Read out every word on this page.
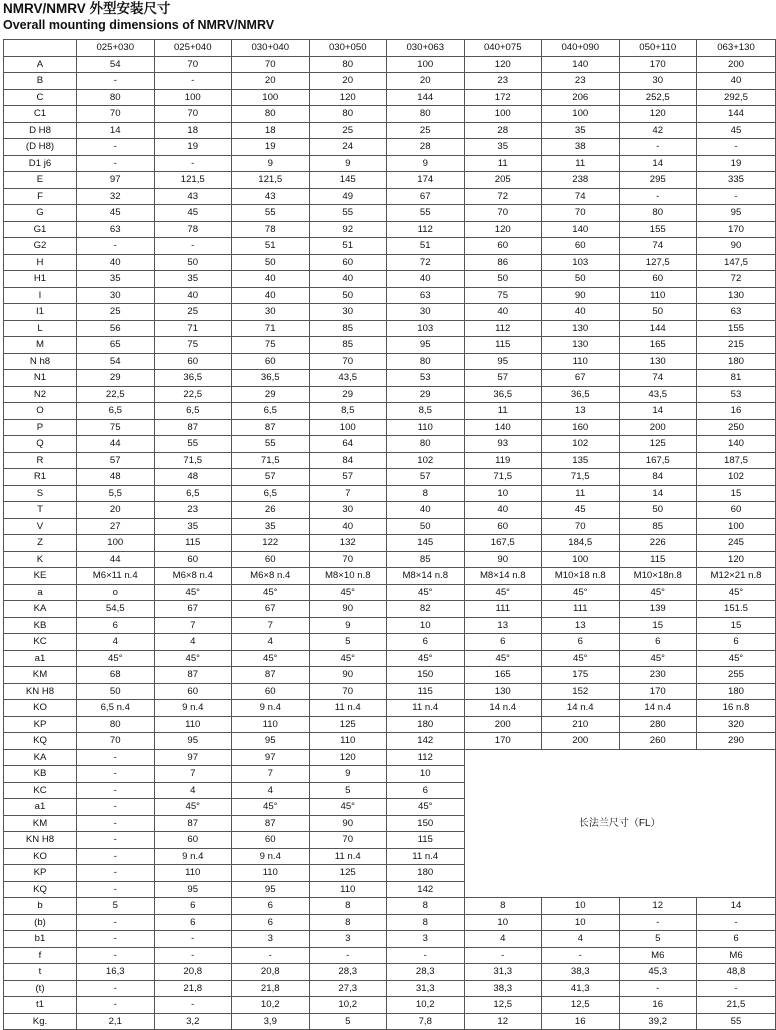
NMRV/NMRV 外型安装尺寸
Overall mounting dimensions of NMRV/NMRV
	025+030	025+040	030+040	030+050	030+063	040+075	040+090	050+110	063+130
A	54	70	70	80	100	120	140	170	200
B	-	-	20	20	20	23	23	30	40
C	80	100	100	120	144	172	206	252,5	292,5
C1	70	70	80	80	80	100	100	120	144
D H8	14	18	18	25	25	28	35	42	45
(D H8)	-	19	19	24	28	35	38	-	-
D1 j6	-	-	9	9	9	11	11	14	19
E	97	121,5	121,5	145	174	205	238	295	335
F	32	43	43	49	67	72	74	-	-
G	45	45	55	55	55	70	70	80	95
G1	63	78	78	92	112	120	140	155	170
G2	-	-	51	51	51	60	60	74	90
H	40	50	50	60	72	86	103	127,5	147,5
H1	35	35	40	40	40	50	50	60	72
I	30	40	40	50	63	75	90	110	130
I1	25	25	30	30	30	40	40	50	63
L	56	71	71	85	103	112	130	144	155
M	65	75	75	85	95	115	130	165	215
N h8	54	60	60	70	80	95	110	130	180
N1	29	36,5	36,5	43,5	53	57	67	74	81
N2	22,5	22,5	29	29	29	36,5	36,5	43,5	53
O	6,5	6,5	6,5	8,5	8,5	11	13	14	16
P	75	87	87	100	110	140	160	200	250
Q	44	55	55	64	80	93	102	125	140
R	57	71,5	71,5	84	102	119	135	167,5	187,5
R1	48	48	57	57	57	71,5	71,5	84	102
S	5,5	6,5	6,5	7	8	10	11	14	15
T	20	23	26	30	40	40	45	50	60
V	27	35	35	40	50	60	70	85	100
Z	100	115	122	132	145	167,5	184,5	226	245
K	44	60	60	70	85	90	100	115	120
KE	M6×11 n.4	M6×8 n.4	M6×8 n.4	M8×10 n.8	M8×14 n.8	M8×14 n.8	M10×18 n.8	M10×18n.8	M12×21 n.8
a	o	45°	45°	45°	45°	45°	45°	45°	45°
KA	54,5	67	67	90	82	111	111	139	151.5
KB	6	7	7	9	10	13	13	15	15
KC	4	4	4	5	6	6	6	6	6
a1	45°	45°	45°	45°	45°	45°	45°	45°	45°
KM	68	87	87	90	150	165	175	230	255
KN H8	50	60	60	70	115	130	152	170	180
KO	6,5 n.4	9 n.4	9 n.4	11 n.4	11 n.4	14 n.4	14 n.4	14 n.4	16 n.8
KP	80	110	110	125	180	200	210	280	320
KQ	70	95	95	110	142	170	200	260	290
KA	-	97	97	120	112	长法兰尺寸（FL）			
KB	-	7	7	9	10				
KC	-	4	4	5	6				
a1	-	45°	45°	45°	45°				
KM	-	87	87	90	150				
KN H8	-	60	60	70	115				
KO	-	9 n.4	9 n.4	11 n.4	11 n.4				
KP	-	110	110	125	180				
KQ	-	95	95	110	142				
b	5	6	6	8	8	8	10	12	14
(b)	-	6	6	8	8	10	10	-	-
b1	-	-	3	3	3	4	4	5	6
f	-	-	-	-	-	-	-	M6	M6
t	16,3	20,8	20,8	28,3	28,3	31,3	38,3	45,3	48,8
(t)	-	21,8	21,8	27,3	31,3	38,3	41,3	-	-
t1	-	-	10,2	10,2	10,2	12,5	12,5	16	21,5
Kg.	2,1	3,2	3,9	5	7,8	12	16	39,2	55
